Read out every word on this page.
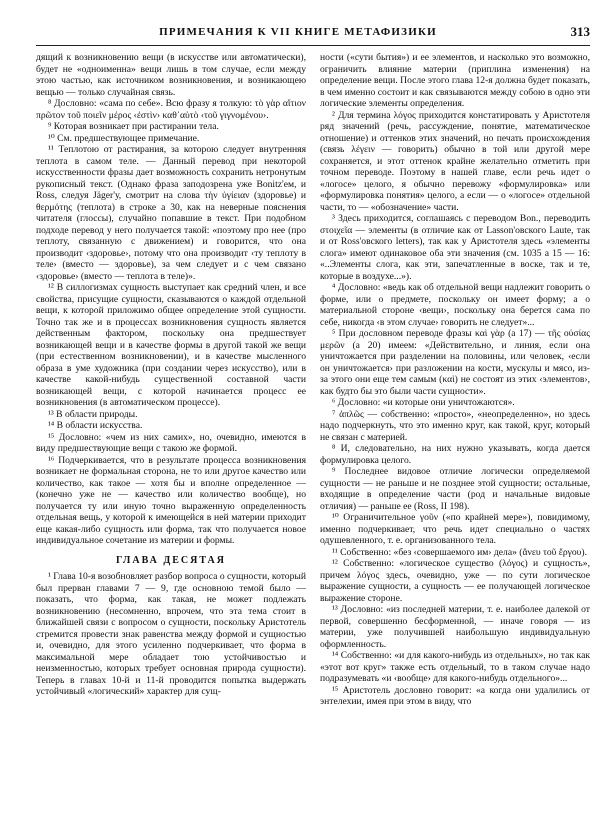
ПРИМЕЧАНИЯ К VII КНИГЕ МЕТАФИЗИКИ	313

дящий к возникновению вещи (в искусстве или автоматически), будет не «одноименна» вещи лишь в том случае, если между этою частью, как источником возникновения, и возникающею вещью — только случайная связь.

⁸ Дословно: «сама по себе». Всю фразу я толкую: τὸ γὰρ αἴτιον πρῶτον τοῦ ποιεῖν μέρος ‹ἐστὶν› καθ᾿αὑτὸ ‹τοῦ γιγνομένου›.

⁹ Которая возникает при растирании тела.

¹⁰ См. предшествующее примечание.

¹¹ Теплотою от растирания, за которою следует внутренняя теплота в самом теле. — Данный перевод при некоторой искусственности фразы дает возможность сохранить нетронутым рукописный текст. (Однако фраза заподозрена уже Bonitz'ем, и Ross, следуя Jäger'у, смотрит на слова τὴν ὑγίειαν (здоровье) и θερμότης (теплота) в строке а 30, как на неверные пояснения читателя (глоссы), случайно попавшие в текст. При подобном подходе перевод у него получается такой: «поэтому про нее (про теплоту, связанную с движением) и говорится, что она производит ‹здоровье›, потому что она производит ‹ту теплоту в теле› (вместо — здоровье), за чем следует и с чем связано ‹здоровье› (вместо — теплота в теле)».

¹² В силлогизмах сущность выступает как средний член, и все свойства, присущие сущности, сказываются о каждой отдельной вещи, к которой приложимо общее определение этой сущности. Точно так же и в процессах возникновения сущность является действенным фактором, поскольку она предшествует возникающей вещи и в качестве формы в другой такой же вещи (при естественном возникновении), и в качестве мысленного образа в уме художника (при создании через искусство), или в качестве какой-нибудь существенной составной части возникающей вещи, с которой начинается процесс ее возникновения (в автоматическом процессе).

¹³ В области природы.

¹⁴ В области искусства.

¹⁵ Дословно: «чем из них самих», но, очевидно, имеются в виду предшествующие вещи с такою же формой.

¹⁶ Подчеркивается, что в результате процесса возникновения возникает не формальная сторона, не то или другое качество или количество, как такое — хотя бы и вполне определенное — (конечно уже не — качество или количество вообще), но получается ту или иную точно выраженную определенность отдельная вещь, у которой к имеющейся в ней материи приходит еще какая-либо сущность или форма, так что получается новое индивидуальное сочетание из материи и формы.

ГЛАВА ДЕСЯТАЯ

¹ Глава 10-я возобновляет разбор вопроса о сущности, который был прерван главами 7 — 9, где основною темой было — показать, что форма, как такая, не может подлежать возникновению (несомненно, впрочем, что эта тема стоит в ближайшей связи с вопросом о сущности, поскольку Аристотель стремится провести знак равенства между формой и сущностью и, очевидно, для этого усиленно подчеркивает, что форма в максимальной мере обладает тою устойчивостью и неизменностью, которых требует основная природа сущности). Теперь в главах 10-й и 11-й проводится попытка выдержать устойчивый «логический» характер для сущ-

ности («сути бытия») и ее элементов, и насколько это возможно, ограничить влияние материи (приплина изменения) на определение вещи. После этого глава 12-я должна будет показать, в чем именно состоит и как связываются между собою в одно эти логические элементы определения.

² Для термина λόγος приходится констатировать у Аристотеля ряд значений (речь, рассуждение, понятие, математическое отношение) и оттенков этих значений, но печать происхождения (связь λέγειν — говорить) обычно в той или другой мере сохраняется, и этот оттенок крайне желательно отметить при точном переводе. Поэтому в нашей главе, если речь идет о «логосе» целого, я обычно перевожу «формулировка» или «формулировка понятия» целого, а если — о «логосе» отдельной части, то — «обозначение» части.

³ Здесь приходится, соглашаясь с переводом Bon., переводить στοιχεῖα — элементы (в отличие как от Lasson'овского Laute, так и от Ross'овского letters), так как у Аристотеля здесь «элементы слога» имеют одинаковое оба эти значения (см. 1035 а 15 — 16: «..Элементы слога, как эти, запечатленные в воске, так и те, которые в воздухе...»).

⁴ Дословно: «ведь как об отдельной вещи надлежит говорить о форме, или о предмете, поскольку он имеет форму; а о материальной стороне ‹вещи›, поскольку она берется сама по себе, никогда ‹в этом случае› говорить не следует»...

⁵ При дословном переводе фразы καὶ γὰρ (а 17) — τῆς οὐσίας μερῶν (а 20) имеем: «Действительно, и линия, если она уничтожается при разделении на половины, или человек, ‹если он уничтожается› при разложении на кости, мускулы и мясо, из-за этого они еще тем самым (καὶ) не состоят из этих ‹элементов›, как будто бы это были части сущности».

⁶ Дословно: «и которые они уничтожаются».

⁷ ἁπλῶς — собственно: «просто», «неопределенно», но здесь надо подчеркнуть, что это именно круг, как такой, круг, который не связан с материей.

⁸ И, следовательно, на них нужно указывать, когда дается формулировка целого.

⁹ Последнее видовое отличие логически определяемой сущности — не раньше и не позднее этой сущности; остальные, входящие в определение части (род и начальные видовые отличия) — раньше ее (Ross, II 198).

¹⁰ Ограничительное γοῦν («по крайней мере»), повидимому, именно подчеркивает, что речь идет специально о частях одушевленного, т. е. организованного тела.

¹¹ Собственно: «без ‹совершаемого им› дела» (ἄνευ τοῦ ἔργου).

¹² Собственно: «логическое существо (λόγος) и сущность», причем λόγος здесь, очевидно, уже — по сути логическое выражение сущности, а сущность — ее получающей логическое выражение стороне.

¹³ Дословно: «из последней материи, т. е. наиболее далекой от первой, совершенно бесформенной, — иначе говоря — из материи, уже получившей наибольшую индивидуальную оформленность.

¹⁴ Собственно: «и для какого-нибудь из отдельных», но так как «этот вот круг» также есть отдельный, то в таком случае надо подразумевать «и ‹вообще› для какого-нибудь отдельного»...

¹⁵ Аристотель дословно говорит: «а когда они удалились от энтелехии, имея при этом в виду, что
